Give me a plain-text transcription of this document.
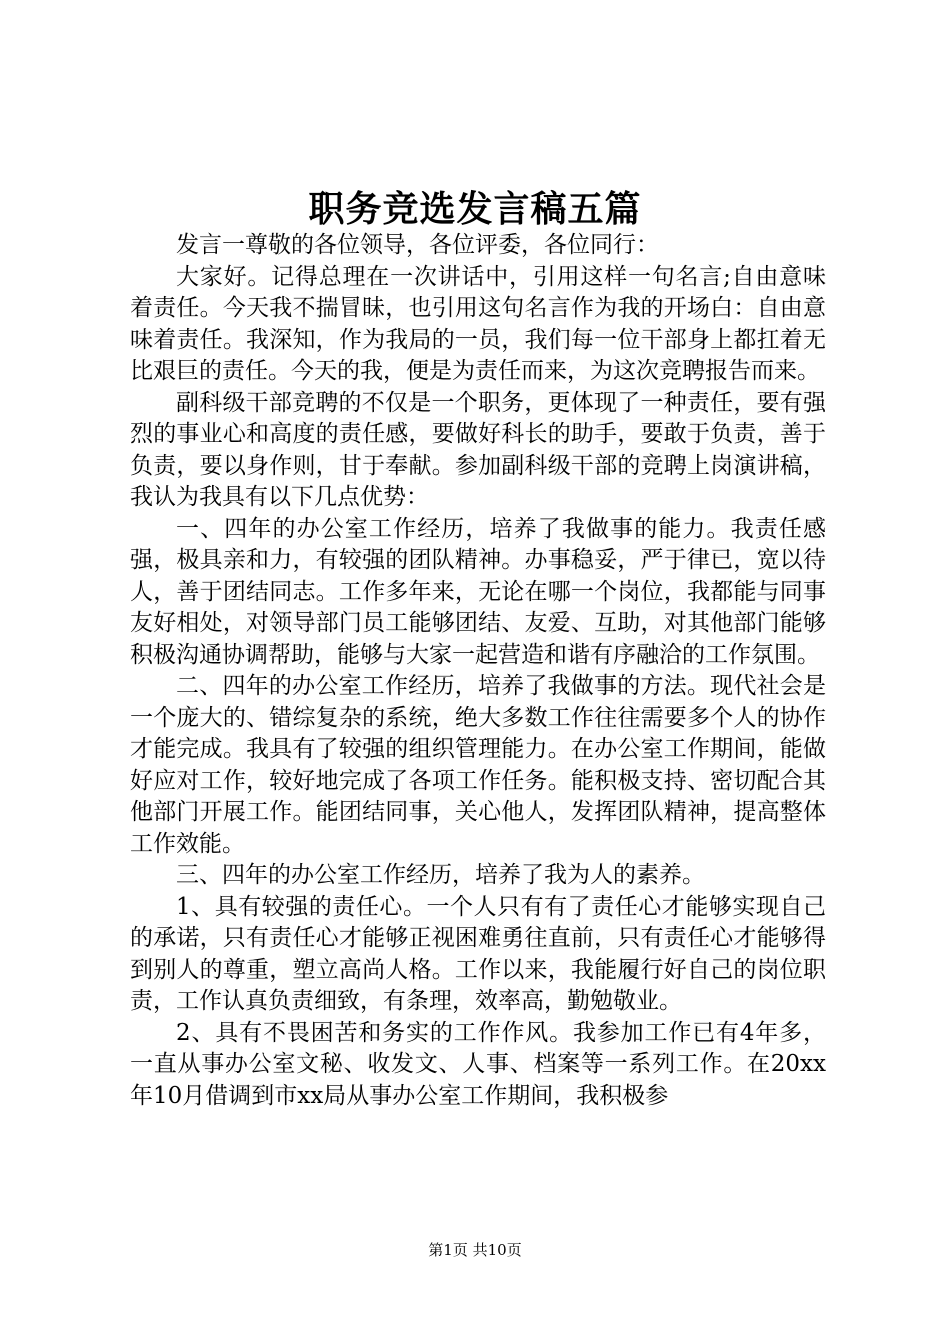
职务竞选发言稿五篇

发言一尊敬的各位领导，各位评委，各位同行：

大家好。记得总理在一次讲话中，引用这样一句名言;自由意味着责任。今天我不揣冒昧，也引用这句名言作为我的开场白：自由意味着责任。我深知，作为我局的一员，我们每一位干部身上都扛着无比艰巨的责任。今天的我，便是为责任而来，为这次竞聘报告而来。

副科级干部竞聘的不仅是一个职务，更体现了一种责任，要有强烈的事业心和高度的责任感，要做好科长的助手，要敢于负责，善于负责，要以身作则，甘于奉献。参加副科级干部的竞聘上岗演讲稿，我认为我具有以下几点优势：

一、四年的办公室工作经历，培养了我做事的能力。我责任感强，极具亲和力，有较强的团队精神。办事稳妥，严于律已，宽以待人，善于团结同志。工作多年来，无论在哪一个岗位，我都能与同事友好相处，对领导部门员工能够团结、友爱、互助，对其他部门能够积极沟通协调帮助，能够与大家一起营造和谐有序融洽的工作氛围。

二、四年的办公室工作经历，培养了我做事的方法。现代社会是一个庞大的、错综复杂的系统，绝大多数工作往往需要多个人的协作才能完成。我具有了较强的组织管理能力。在办公室工作期间，能做好应对工作，较好地完成了各项工作任务。能积极支持、密切配合其他部门开展工作。能团结同事，关心他人，发挥团队精神，提高整体工作效能。

三、四年的办公室工作经历，培养了我为人的素养。

1、具有较强的责任心。一个人只有有了责任心才能够实现自己的承诺，只有责任心才能够正视困难勇往直前，只有责任心才能够得到别人的尊重，塑立高尚人格。工作以来，我能履行好自己的岗位职责，工作认真负责细致，有条理，效率高，勤勉敬业。

2、具有不畏困苦和务实的工作作风。我参加工作已有4年多，一直从事办公室文秘、收发文、人事、档案等一系列工作。在20xx年10月借调到市xx局从事办公室工作期间，我积极参

第1页 共10页
